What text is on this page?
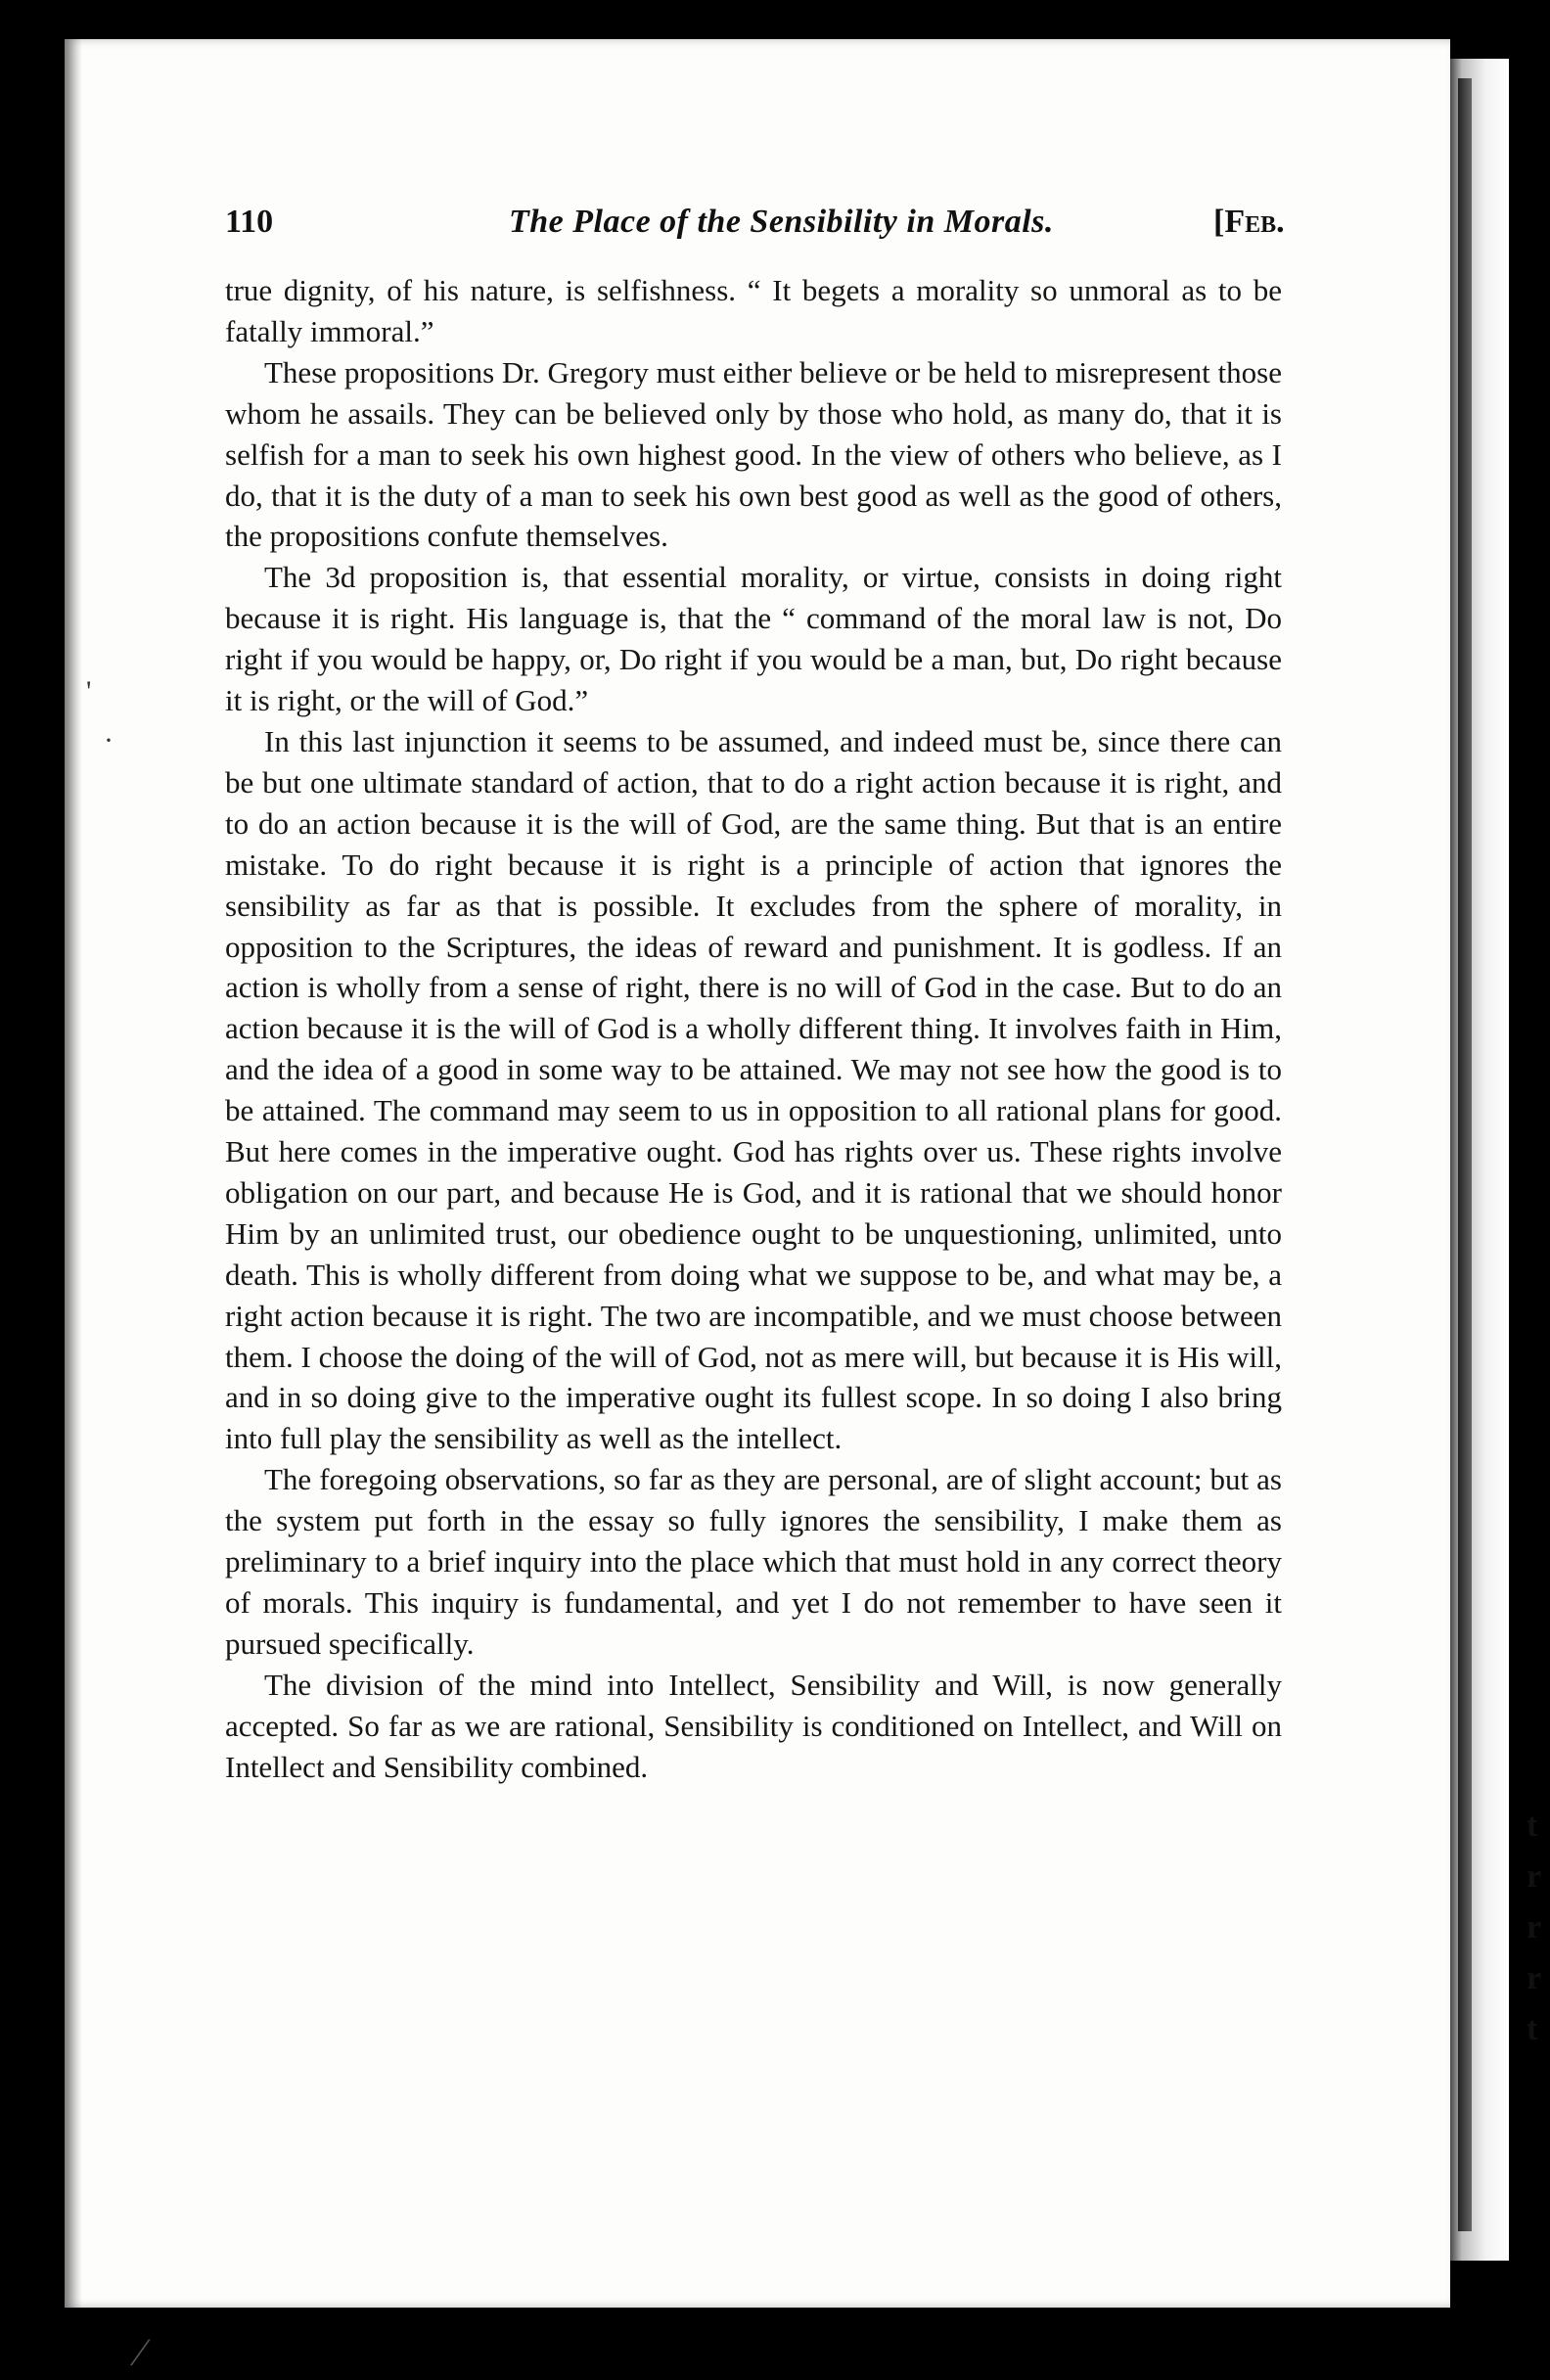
t
r
r
r
t
'
·
110	The Place of the Sensibility in Morals.	[Feb.

true dignity, of his nature, is selfishness. “ It begets a morality so unmoral as to be fatally immoral.”

These propositions Dr. Gregory must either believe or be held to misrepresent those whom he assails. They can be believed only by those who hold, as many do, that it is selfish for a man to seek his own highest good. In the view of others who believe, as I do, that it is the duty of a man to seek his own best good as well as the good of others, the propositions confute themselves.

The 3d proposition is, that essential morality, or virtue, consists in doing right because it is right. His language is, that the “ command of the moral law is not, Do right if you would be happy, or, Do right if you would be a man, but, Do right because it is right, or the will of God.”

In this last injunction it seems to be assumed, and indeed must be, since there can be but one ultimate standard of action, that to do a right action because it is right, and to do an action because it is the will of God, are the same thing. But that is an entire mistake. To do right because it is right is a principle of action that ignores the sensibility as far as that is possible. It excludes from the sphere of morality, in opposition to the Scriptures, the ideas of reward and punishment. It is godless. If an action is wholly from a sense of right, there is no will of God in the case. But to do an action because it is the will of God is a wholly different thing. It involves faith in Him, and the idea of a good in some way to be attained. We may not see how the good is to be attained. The command may seem to us in opposition to all rational plans for good. But here comes in the imperative ought. God has rights over us. These rights involve obligation on our part, and because He is God, and it is rational that we should honor Him by an unlimited trust, our obedience ought to be unquestioning, unlimited, unto death. This is wholly different from doing what we suppose to be, and what may be, a right action because it is right. The two are incompatible, and we must choose between them. I choose the doing of the will of God, not as mere will, but because it is His will, and in so doing give to the imperative ought its fullest scope. In so doing I also bring into full play the sensibility as well as the intellect.

The foregoing observations, so far as they are personal, are of slight account; but as the system put forth in the essay so fully ignores the sensibility, I make them as preliminary to a brief inquiry into the place which that must hold in any correct theory of morals. This inquiry is fundamental, and yet I do not remember to have seen it pursued specifically.

The division of the mind into Intellect, Sensibility and Will, is now generally accepted. So far as we are rational, Sensibility is conditioned on Intellect, and Will on Intellect and Sensibility combined.

⁄
